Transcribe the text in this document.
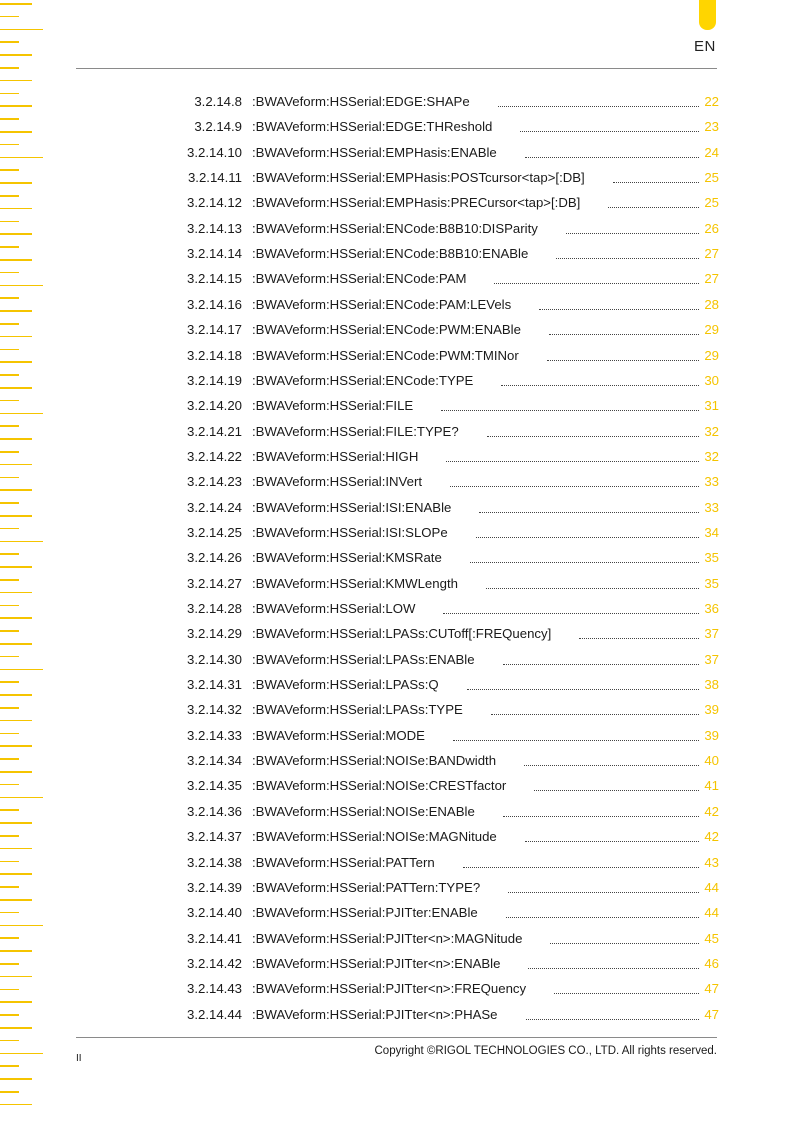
EN
3.2.14.8 :BWAVeform:HSSerial:EDGE:SHAPe	22
3.2.14.9 :BWAVeform:HSSerial:EDGE:THReshold	23
3.2.14.10 :BWAVeform:HSSerial:EMPHasis:ENABle	24
3.2.14.11 :BWAVeform:HSSerial:EMPHasis:POSTcursor<tap>[:DB]	25
3.2.14.12 :BWAVeform:HSSerial:EMPHasis:PRECursor<tap>[:DB]	25
3.2.14.13 :BWAVeform:HSSerial:ENCode:B8B10:DISParity	26
3.2.14.14 :BWAVeform:HSSerial:ENCode:B8B10:ENABle	27
3.2.14.15 :BWAVeform:HSSerial:ENCode:PAM	27
3.2.14.16 :BWAVeform:HSSerial:ENCode:PAM:LEVels	28
3.2.14.17 :BWAVeform:HSSerial:ENCode:PWM:ENABle	29
3.2.14.18 :BWAVeform:HSSerial:ENCode:PWM:TMINor	29
3.2.14.19 :BWAVeform:HSSerial:ENCode:TYPE	30
3.2.14.20 :BWAVeform:HSSerial:FILE	31
3.2.14.21 :BWAVeform:HSSerial:FILE:TYPE?	32
3.2.14.22 :BWAVeform:HSSerial:HIGH	32
3.2.14.23 :BWAVeform:HSSerial:INVert	33
3.2.14.24 :BWAVeform:HSSerial:ISI:ENABle	33
3.2.14.25 :BWAVeform:HSSerial:ISI:SLOPe	34
3.2.14.26 :BWAVeform:HSSerial:KMSRate	35
3.2.14.27 :BWAVeform:HSSerial:KMWLength	35
3.2.14.28 :BWAVeform:HSSerial:LOW	36
3.2.14.29 :BWAVeform:HSSerial:LPASs:CUToff[:FREQuency]	37
3.2.14.30 :BWAVeform:HSSerial:LPASs:ENABle	37
3.2.14.31 :BWAVeform:HSSerial:LPASs:Q	38
3.2.14.32 :BWAVeform:HSSerial:LPASs:TYPE	39
3.2.14.33 :BWAVeform:HSSerial:MODE	39
3.2.14.34 :BWAVeform:HSSerial:NOISe:BANDwidth	40
3.2.14.35 :BWAVeform:HSSerial:NOISe:CRESTfactor	41
3.2.14.36 :BWAVeform:HSSerial:NOISe:ENABle	42
3.2.14.37 :BWAVeform:HSSerial:NOISe:MAGNitude	42
3.2.14.38 :BWAVeform:HSSerial:PATTern	43
3.2.14.39 :BWAVeform:HSSerial:PATTern:TYPE?	44
3.2.14.40 :BWAVeform:HSSerial:PJITter:ENABle	44
3.2.14.41 :BWAVeform:HSSerial:PJITter<n>:MAGNitude	45
3.2.14.42 :BWAVeform:HSSerial:PJITter<n>:ENABle	46
3.2.14.43 :BWAVeform:HSSerial:PJITter<n>:FREQuency	47
3.2.14.44 :BWAVeform:HSSerial:PJITter<n>:PHASe	47
Copyright ©RIGOL TECHNOLOGIES CO., LTD. All rights reserved.
II
